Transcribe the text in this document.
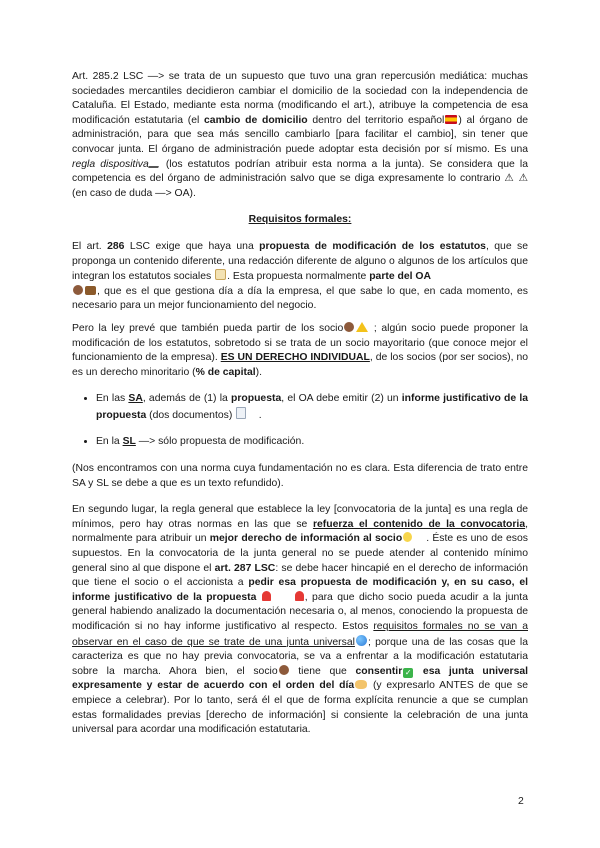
Art. 285.2 LSC —> se trata de un supuesto que tuvo una gran repercusión mediática: muchas sociedades mercantiles decidieron cambiar el domicilio de la sociedad con la independencia de Cataluña. El Estado, mediante esta norma (modificando el art.), atribuye la competencia de esa modificación estatutaria (el cambio de domicilio dentro del territorio español ) al órgano de administración, para que sea más sencillo cambiarlo [para facilitar el cambio], sin tener que convocar junta. El órgano de administración puede adoptar esta decisión por sí mismo. Es una regla dispositiva (los estatutos podrían atribuir esta norma a la junta). Se considera que la competencia es del órgano de administración salvo que se diga expresamente lo contrario ⚠ ⚠ (en caso de duda —> OA).

Requisitos formales:

El art. 286 LSC exige que haya una propuesta de modificación de los estatutos, que se proponga un contenido diferente, una redacción diferente de alguno o algunos de los artículos que integran los estatutos sociales . Esta propuesta normalmente parte del OA
, que es el que gestiona día a día la empresa, el que sabe lo que, en cada momento, es necesario para un mejor funcionamiento del negocio.

Pero la ley prevé que también pueda partir de los socio	; algún socio puede proponer la modificación de los estatutos, sobretodo si se trata de un socio mayoritario (que conoce mejor el funcionamiento de la empresa). ES UN DERECHO INDIVIDUAL, de los socios (por ser socios), no es un derecho minoritario (% de capital).

• En las SA, además de (1) la propuesta, el OA debe emitir (2) un informe justificativo de la propuesta (dos documentos)	.
• En la SL —> sólo propuesta de modificación.

(Nos encontramos con una norma cuya fundamentación no es clara. Esta diferencia de trato entre SA y SL se debe a que es un texto refundido).

En segundo lugar, la regla general que establece la ley [convocatoria de la junta] es una regla de mínimos, pero hay otras normas en las que se refuerza el contenido de la convocatoria, normalmente para atribuir un mejor derecho de información al socio . Éste es uno de esos supuestos. En la convocatoria de la junta general no se puede atender al contenido mínimo general sino al que dispone el art. 287 LSC: se debe hacer hincapié en el derecho de información que tiene el socio o el accionista a pedir esa propuesta de modificación y, en su caso, el informe justificativo de la propuesta	, para que dicho socio pueda acudir a la junta general habiendo analizado la documentación necesaria o, al menos, conociendo la propuesta de modificación si no hay informe justificativo al respecto. Estos requisitos formales no se van a observar en el caso de que se trate de una junta universal ; porque una de las cosas que la caracteriza es que no hay previa convocatoria, se va a enfrentar a la modificación estatutaria sobre la marcha. Ahora bien, el socio tiene que consentir ✓ esa junta universal expresamente y estar de acuerdo con el orden del día (y expresarlo ANTES de que se empiece a celebrar). Por lo tanto, será él el que de forma explícita renuncie a que se cumplan estas formalidades previas [derecho de información] si consiente la celebración de una junta universal para acordar una modificación estatutaria.

2
